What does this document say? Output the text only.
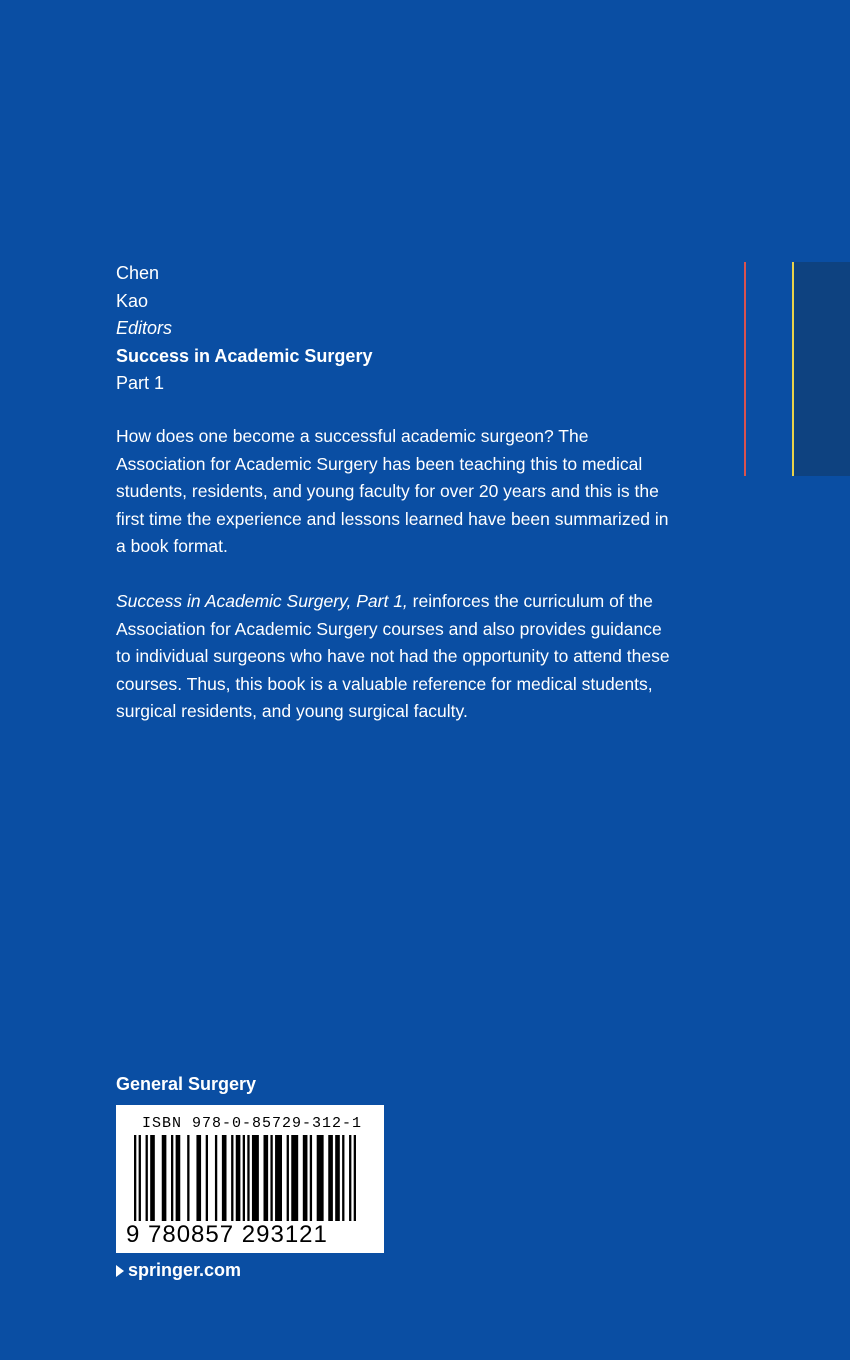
Chen
Kao
Editors
Success in Academic Surgery
Part 1

How does one become a successful academic surgeon? The Association for Academic Surgery has been teaching this to medical students, residents, and young faculty for over 20 years and this is the first time the experience and lessons learned have been summarized in a book format.

Success in Academic Surgery, Part 1, reinforces the curriculum of the Association for Academic Surgery courses and also provides guidance to individual surgeons who have not had the opportunity to attend these courses. Thus, this book is a valuable reference for medical students, surgical residents, and young surgical faculty.

General Surgery
ISBN 978-0-85729-312-1
9 780857 293121
springer.com
